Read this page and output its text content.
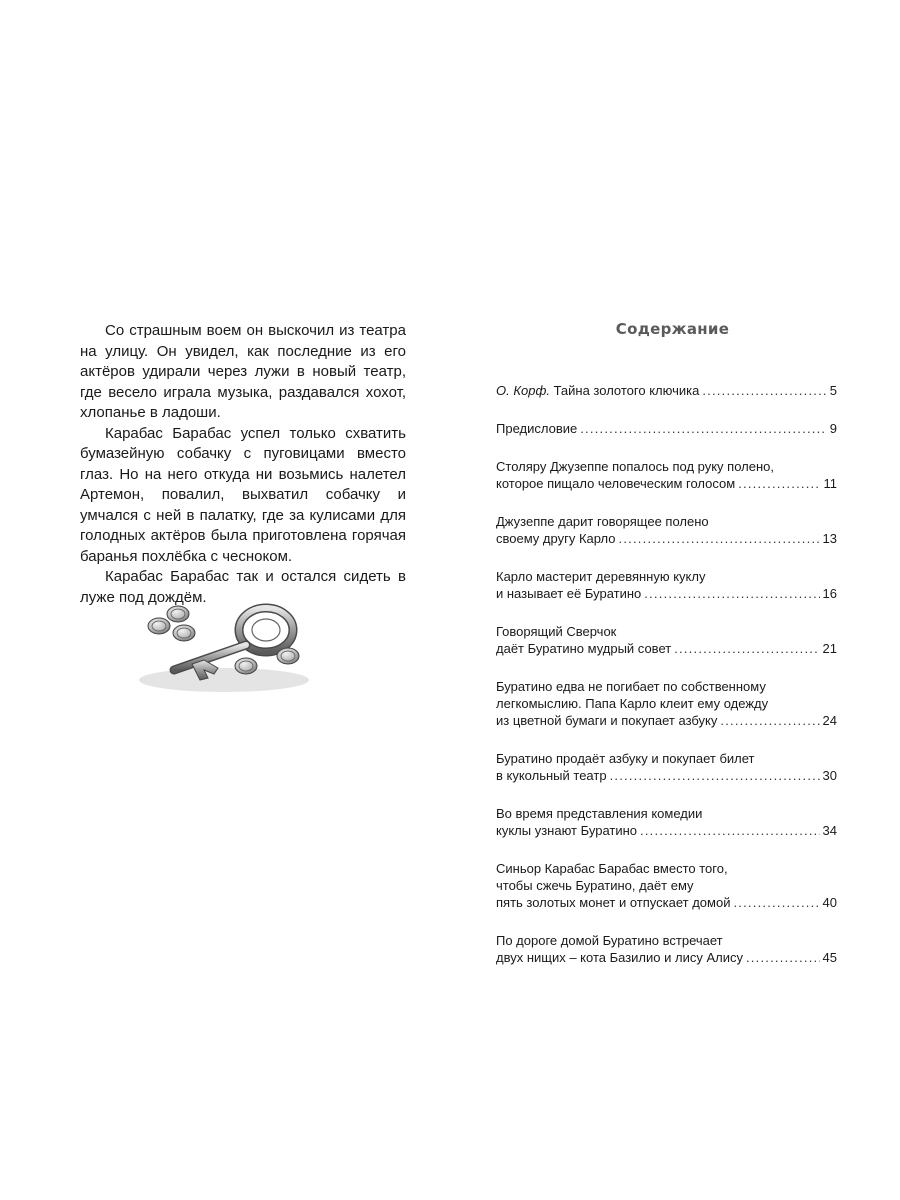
Со страшным воем он выскочил из театра на улицу. Он увидел, как последние из его актёров удирали через лужи в новый театр, где весело играла музыка, раздавался хохот, хлопанье в ладоши.

Карабас Барабас успел только схватить бумазейную собачку с пуговицами вместо глаз. Но на него откуда ни возьмись налетел Артемон, повалил, выхватил собачку и умчался с ней в палатку, где за кулисами для голодных актёров была приготовлена горячая баранья похлёбка с чесноком.

Карабас Барабас так и остался сидеть в луже под дождём.

Содержание
О. Корф. Тайна золотого ключика . . .	5
Предисловие . . .	9
Столяру Джузеппе попалось под руку полено,
которое пищало человеческим голосом . . .	11
Джузеппе дарит говорящее полено
своему другу Карло . . .	13
Карло мастерит деревянную куклу
и называет её Буратино . . .	16
Говорящий Сверчок
даёт Буратино мудрый совет . . .	21
Буратино едва не погибает по собственному
легкомыслию. Папа Карло клеит ему одежду
из цветной бумаги и покупает азбуку . . .	24
Буратино продаёт азбуку и покупает билет
в кукольный театр . . .	30
Во время представления комедии
куклы узнают Буратино . . .	34
Синьор Карабас Барабас вместо того,
чтобы сжечь Буратино, даёт ему
пять золотых монет и отпускает домой . . .	40
По дороге домой Буратино встречает
двух нищих – кота Базилио и лису Алису . . .	45
